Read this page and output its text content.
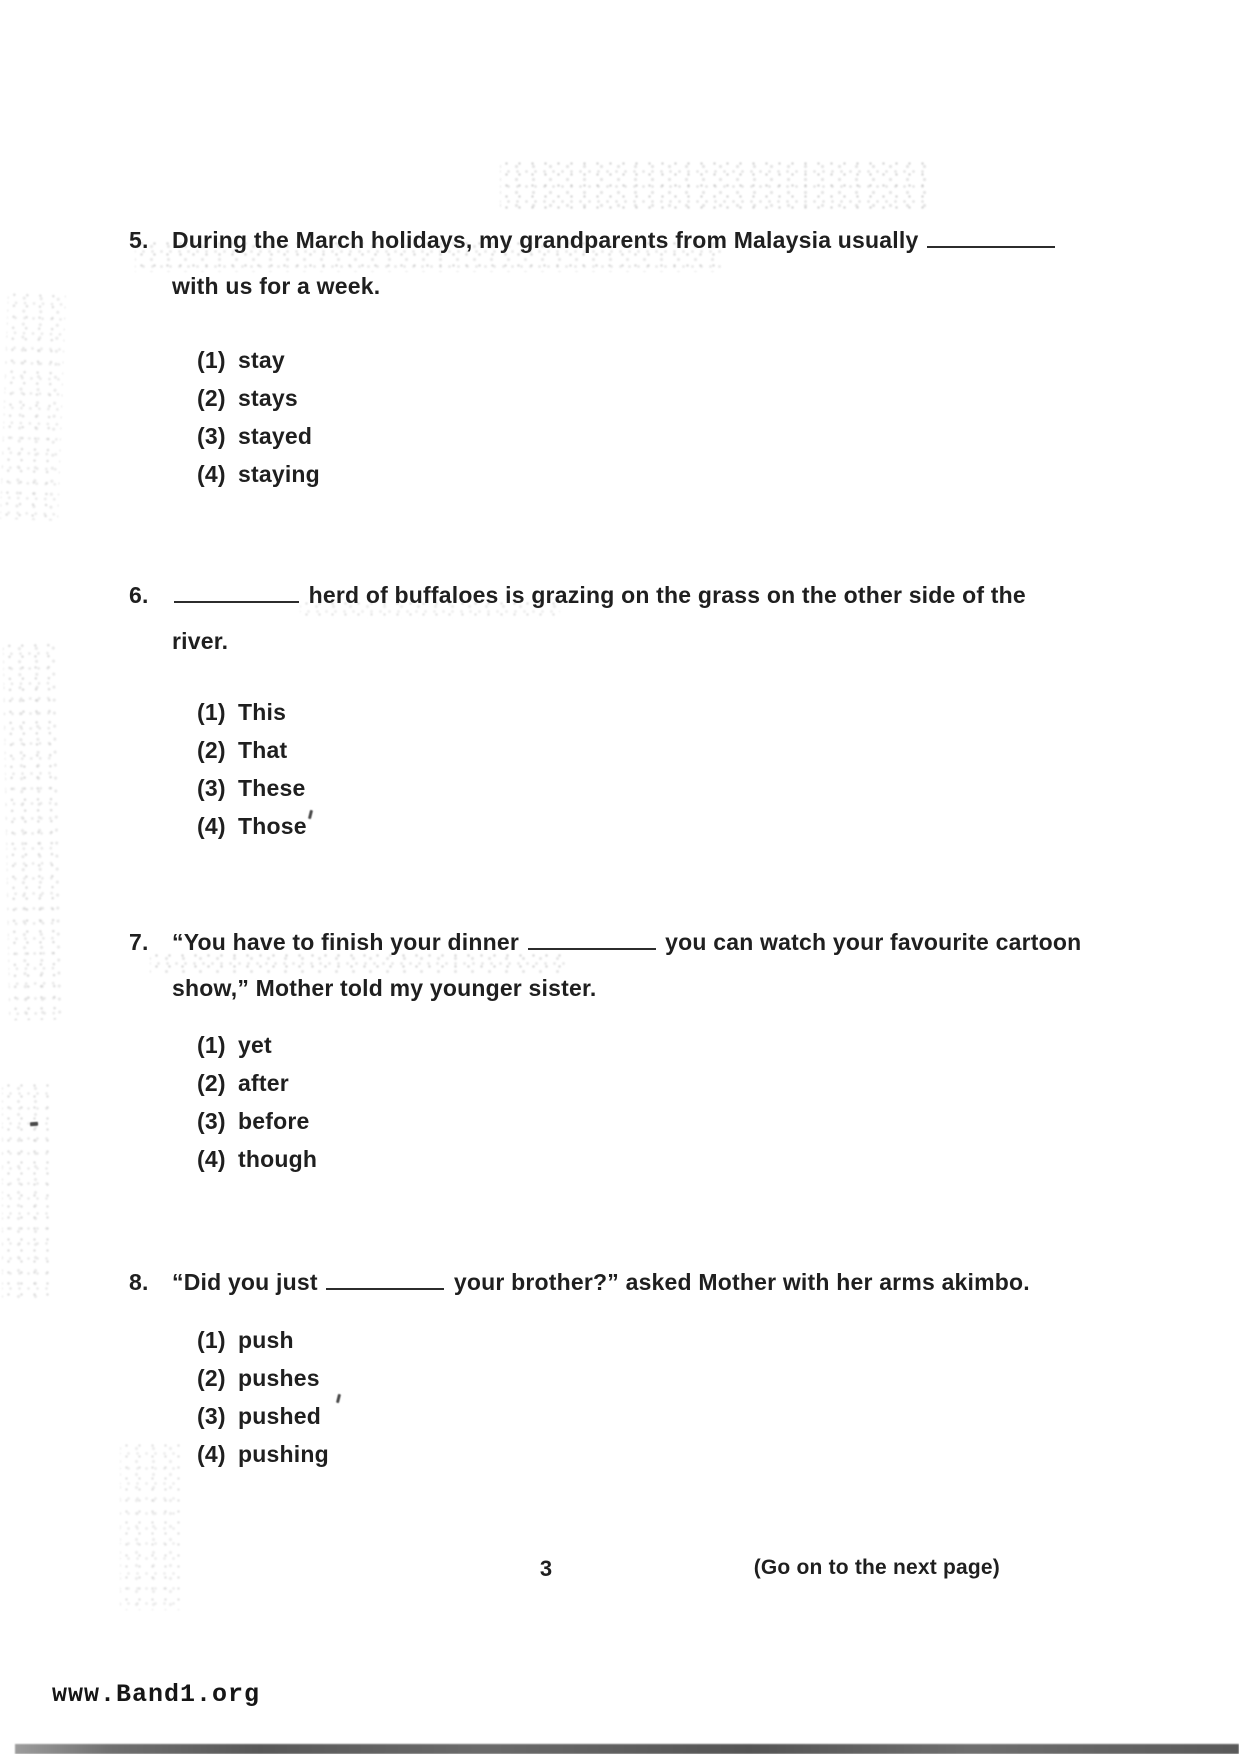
5.	During the March holidays, my grandparents from Malaysia usually
with us for a week.
(1) stay
(2) stays
(3) stayed
(4) staying
6.	herd of buffaloes is grazing on the grass on the other side of the
river.
(1) This
(2) That
(3) These
(4) Those
7.	“You have to finish your dinner	you can watch your favourite cartoon
show,” Mother told my younger sister.
(1) yet
(2) after
(3) before
(4) though
8.	“Did you just	your brother?” asked Mother with her arms akimbo.
(1) push
(2) pushes
(3) pushed
(4) pushing
3	(Go on to the next page)
www.Band1.org
